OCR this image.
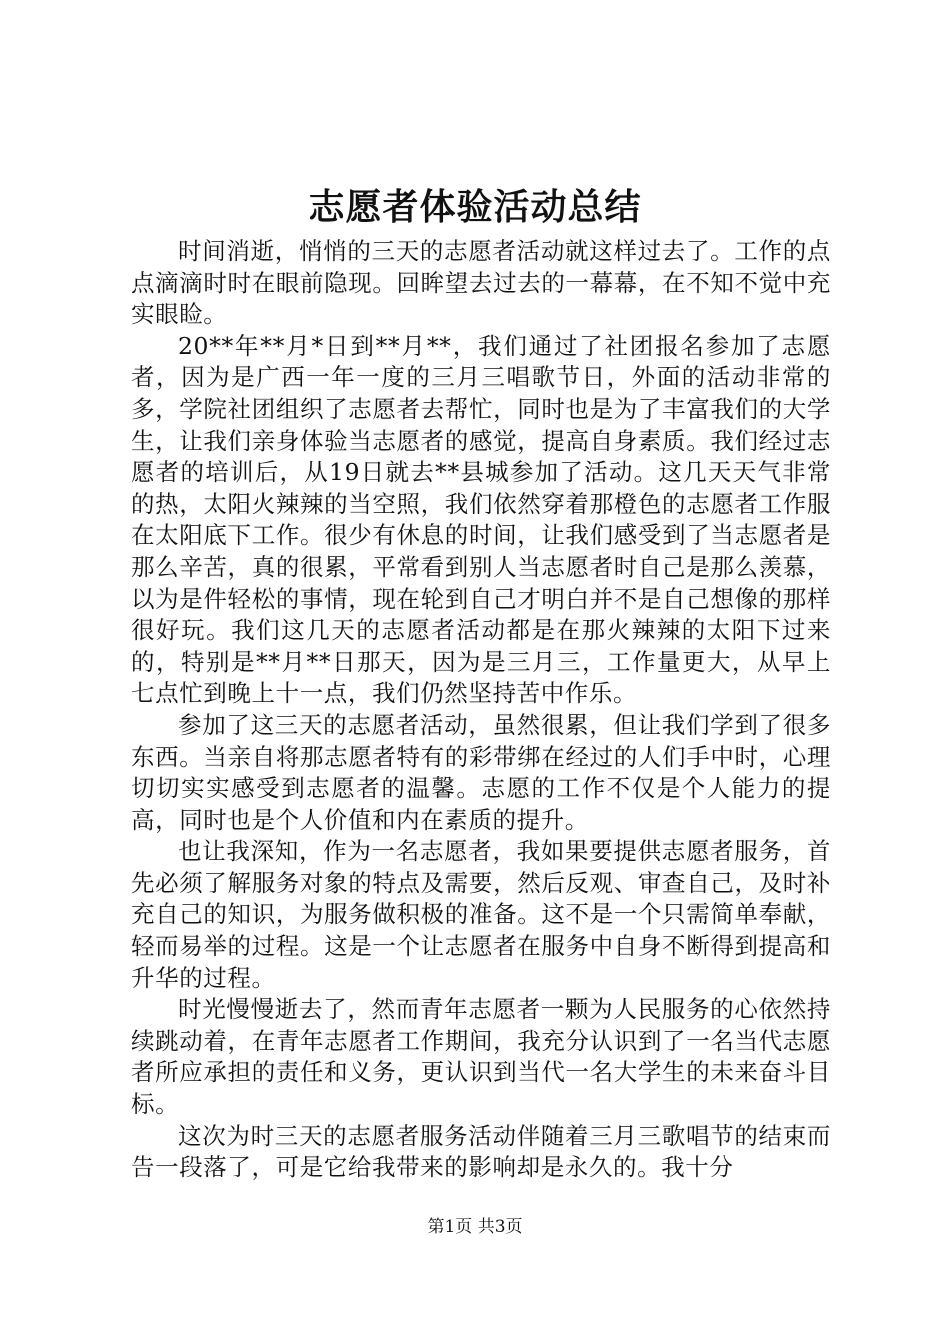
志愿者体验活动总结

时间消逝，悄悄的三天的志愿者活动就这样过去了。工作的点点滴滴时时在眼前隐现。回眸望去过去的一幕幕，在不知不觉中充实眼睑。

20**年**月*日到**月**，我们通过了社团报名参加了志愿者，因为是广西一年一度的三月三唱歌节日，外面的活动非常的多，学院社团组织了志愿者去帮忙，同时也是为了丰富我们的大学生，让我们亲身体验当志愿者的感觉，提高自身素质。我们经过志愿者的培训后，从19日就去**县城参加了活动。这几天天气非常的热，太阳火辣辣的当空照，我们依然穿着那橙色的志愿者工作服在太阳底下工作。很少有休息的时间，让我们感受到了当志愿者是那么辛苦，真的很累，平常看到别人当志愿者时自己是那么羡慕，以为是件轻松的事情，现在轮到自己才明白并不是自己想像的那样很好玩。我们这几天的志愿者活动都是在那火辣辣的太阳下过来的，特别是**月**日那天，因为是三月三，工作量更大，从早上七点忙到晚上十一点，我们仍然坚持苦中作乐。

参加了这三天的志愿者活动，虽然很累，但让我们学到了很多东西。当亲自将那志愿者特有的彩带绑在经过的人们手中时，心理切切实实感受到志愿者的温馨。志愿的工作不仅是个人能力的提高，同时也是个人价值和内在素质的提升。

也让我深知，作为一名志愿者，我如果要提供志愿者服务，首先必须了解服务对象的特点及需要，然后反观、审查自己，及时补充自己的知识，为服务做积极的准备。这不是一个只需简单奉献，轻而易举的过程。这是一个让志愿者在服务中自身不断得到提高和升华的过程。

时光慢慢逝去了，然而青年志愿者一颗为人民服务的心依然持续跳动着，在青年志愿者工作期间，我充分认识到了一名当代志愿者所应承担的责任和义务，更认识到当代一名大学生的未来奋斗目标。

这次为时三天的志愿者服务活动伴随着三月三歌唱节的结束而告一段落了，可是它给我带来的影响却是永久的。我十分

第1页 共3页
